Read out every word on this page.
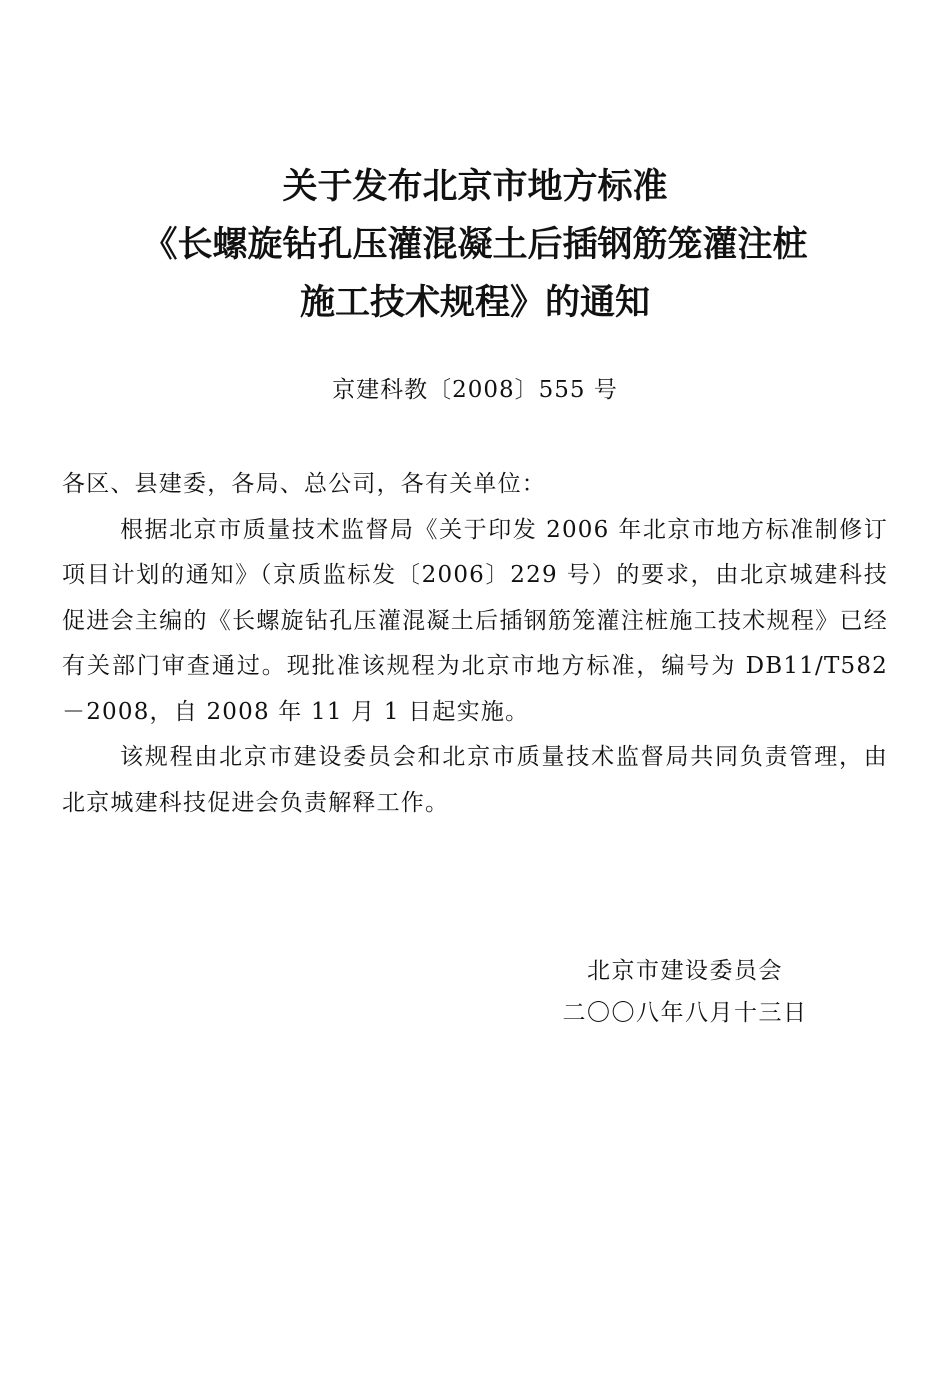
关于发布北京市地方标准
《长螺旋钻孔压灌混凝土后插钢筋笼灌注桩
施工技术规程》的通知
京建科教〔2008〕555 号

各区、县建委，各局、总公司，各有关单位：

根据北京市质量技术监督局《关于印发 2006 年北京市地方标准制修订项目计划的通知》（京质监标发〔2006〕229 号）的要求，由北京城建科技促进会主编的《长螺旋钻孔压灌混凝土后插钢筋笼灌注桩施工技术规程》已经有关部门审查通过。现批准该规程为北京市地方标准，编号为 DB11/T582－2008，自 2008 年 11 月 1 日起实施。

该规程由北京市建设委员会和北京市质量技术监督局共同负责管理，由北京城建科技促进会负责解释工作。

北京市建设委员会
二〇〇八年八月十三日
